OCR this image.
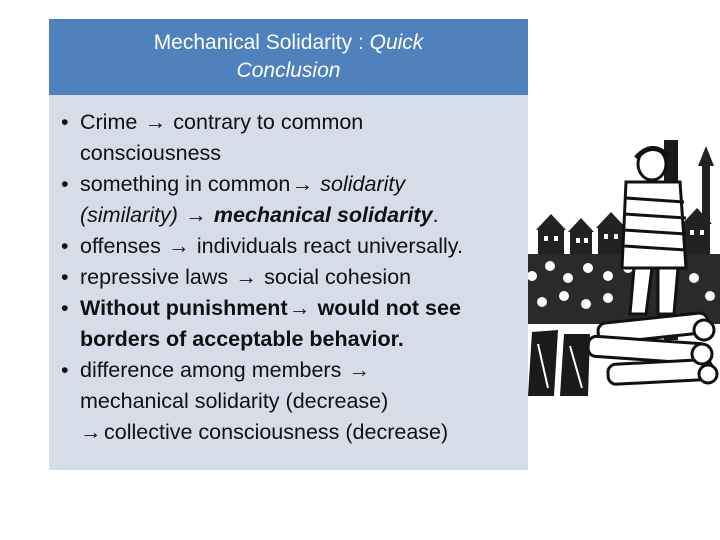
Mechanical Solidarity : Quick
Conclusion
• Crime → contrary to common
consciousness
• something in common→ solidarity
(similarity) → mechanical solidarity.
• offenses → individuals react universally.
• repressive laws → social cohesion
• Without punishment→ would not see
borders of acceptable behavior.
• difference among members →
mechanical solidarity (decrease)
→ collective consciousness (decrease)
